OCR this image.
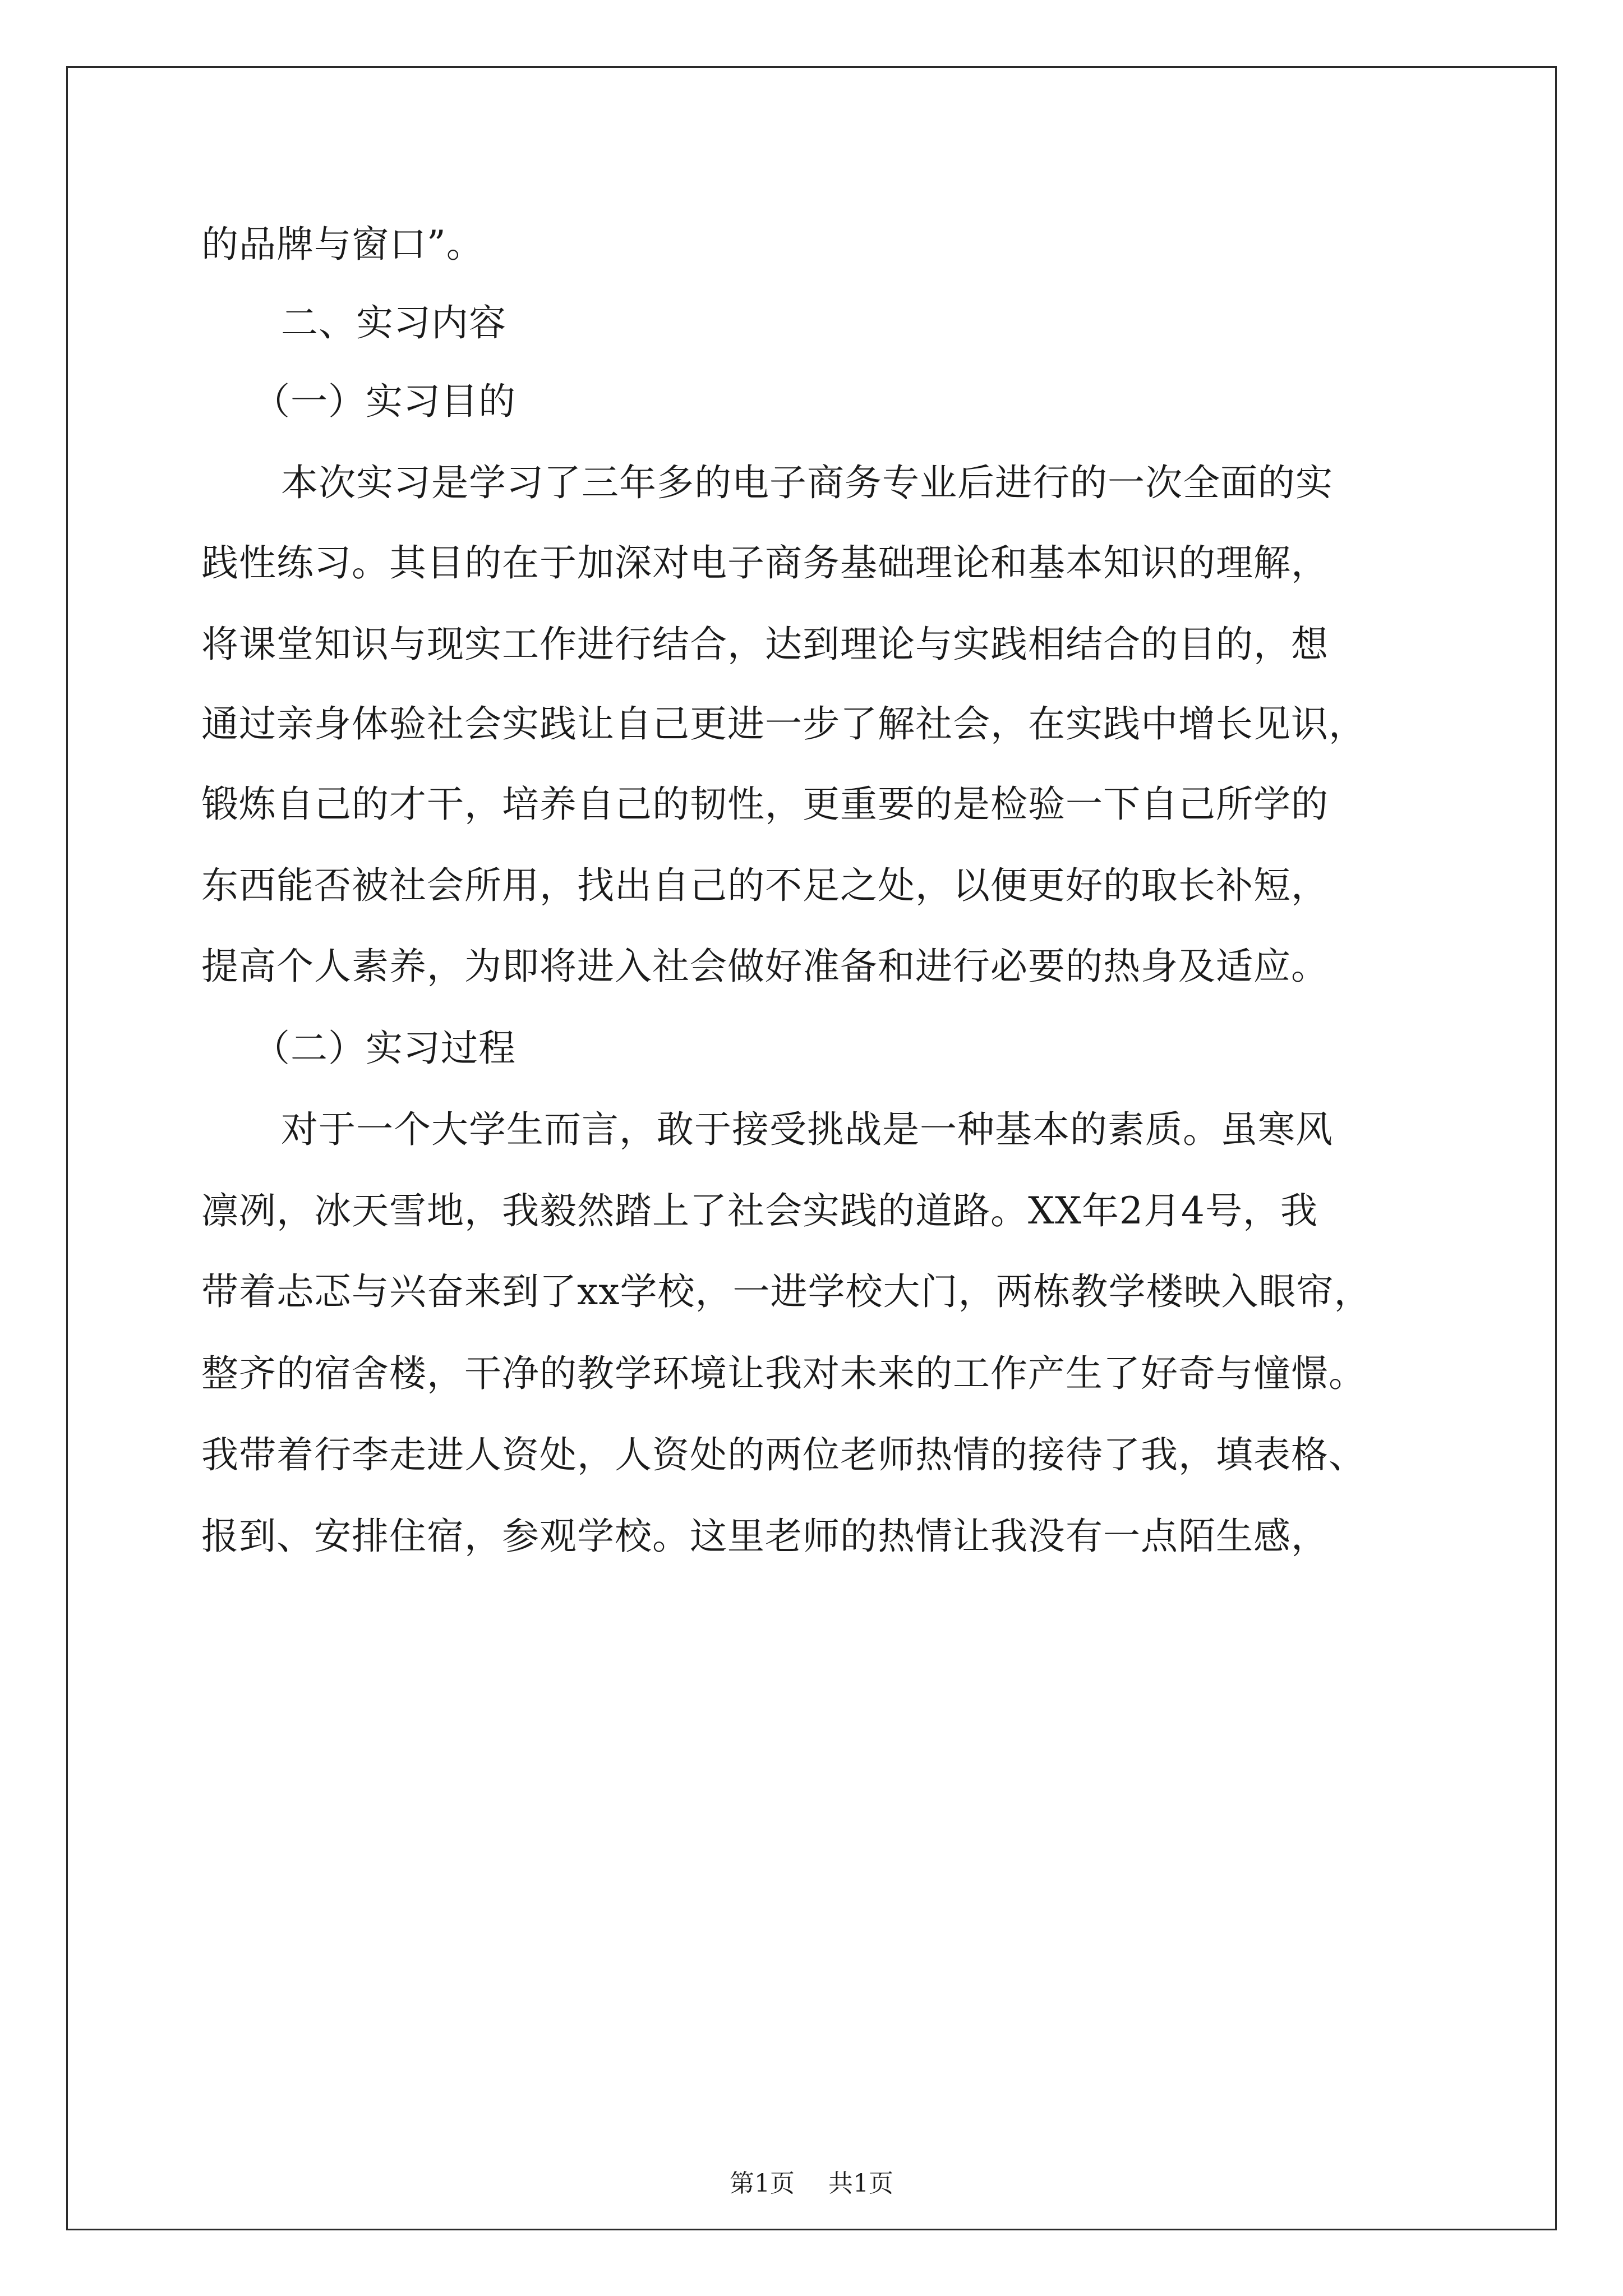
的品牌与窗口”。
二、实习内容
（一）实习目的
本次实习是学习了三年多的电子商务专业后进行的一次全面的实
践性练习。其目的在于加深对电子商务基础理论和基本知识的理解，
将课堂知识与现实工作进行结合，达到理论与实践相结合的目的，想
通过亲身体验社会实践让自己更进一步了解社会，在实践中增长见识，
锻炼自己的才干，培养自己的韧性，更重要的是检验一下自己所学的
东西能否被社会所用，找出自己的不足之处，以便更好的取长补短，
提高个人素养，为即将进入社会做好准备和进行必要的热身及适应。
（二）实习过程
对于一个大学生而言，敢于接受挑战是一种基本的素质。虽寒风
凛冽，冰天雪地，我毅然踏上了社会实践的道路。XX年2月4号，我
带着忐忑与兴奋来到了xx学校，一进学校大门，两栋教学楼映入眼帘，
整齐的宿舍楼，干净的教学环境让我对未来的工作产生了好奇与憧憬。
我带着行李走进人资处，人资处的两位老师热情的接待了我，填表格、
报到、安排住宿，参观学校。这里老师的热情让我没有一点陌生感，
第1页 共1页
